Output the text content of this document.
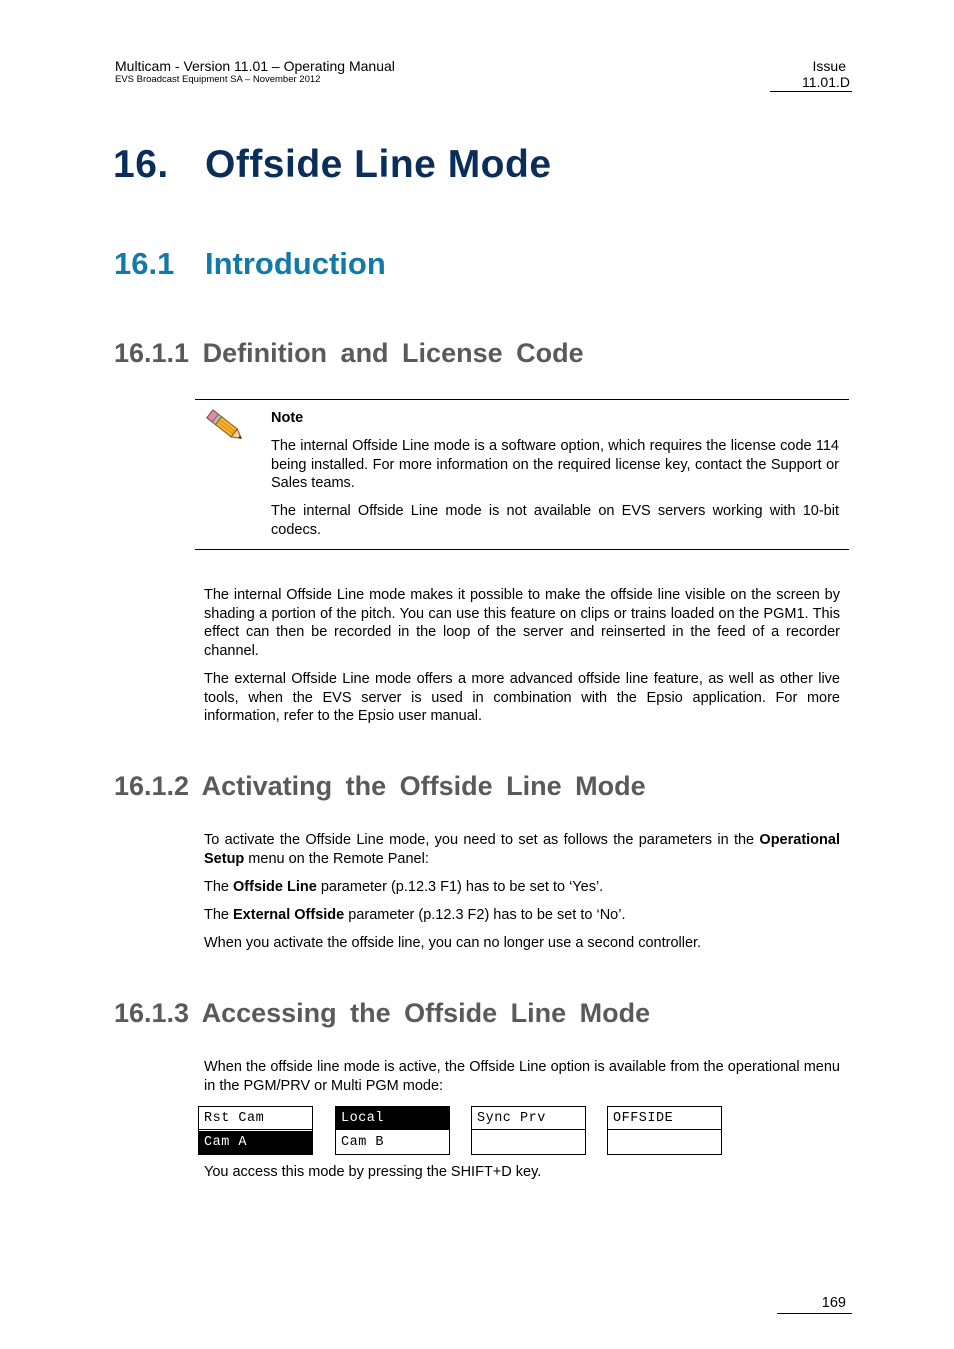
Multicam - Version 11.01 – Operating Manual
EVS Broadcast Equipment SA – November 2012
Issue
11.01.D
16. Offside Line Mode
16.1 Introduction
16.1.1 Definition and License Code
Note
The internal Offside Line mode is a software option, which requires the license code 114 being installed. For more information on the required license key, contact the Support or Sales teams.
The internal Offside Line mode is not available on EVS servers working with 10-bit codecs.
The internal Offside Line mode makes it possible to make the offside line visible on the screen by shading a portion of the pitch. You can use this feature on clips or trains loaded on the PGM1. This effect can then be recorded in the loop of the server and reinserted in the feed of a recorder channel.
The external Offside Line mode offers a more advanced offside line feature, as well as other live tools, when the EVS server is used in combination with the Epsio application. For more information, refer to the Epsio user manual.
16.1.2 Activating the Offside Line Mode
To activate the Offside Line mode, you need to set as follows the parameters in the Operational Setup menu on the Remote Panel:
The Offside Line parameter (p.12.3 F1) has to be set to ‘Yes’.
The External Offside parameter (p.12.3 F2) has to be set to ‘No’.
When you activate the offside line, you can no longer use a second controller.
16.1.3 Accessing the Offside Line Mode
When the offside line mode is active, the Offside Line option is available from the operational menu in the PGM/PRV or Multi PGM mode:
Rst Cam
Cam A
Local
Cam B
Sync Prv	OFFSIDE
You access this mode by pressing the SHIFT+D key.
169
